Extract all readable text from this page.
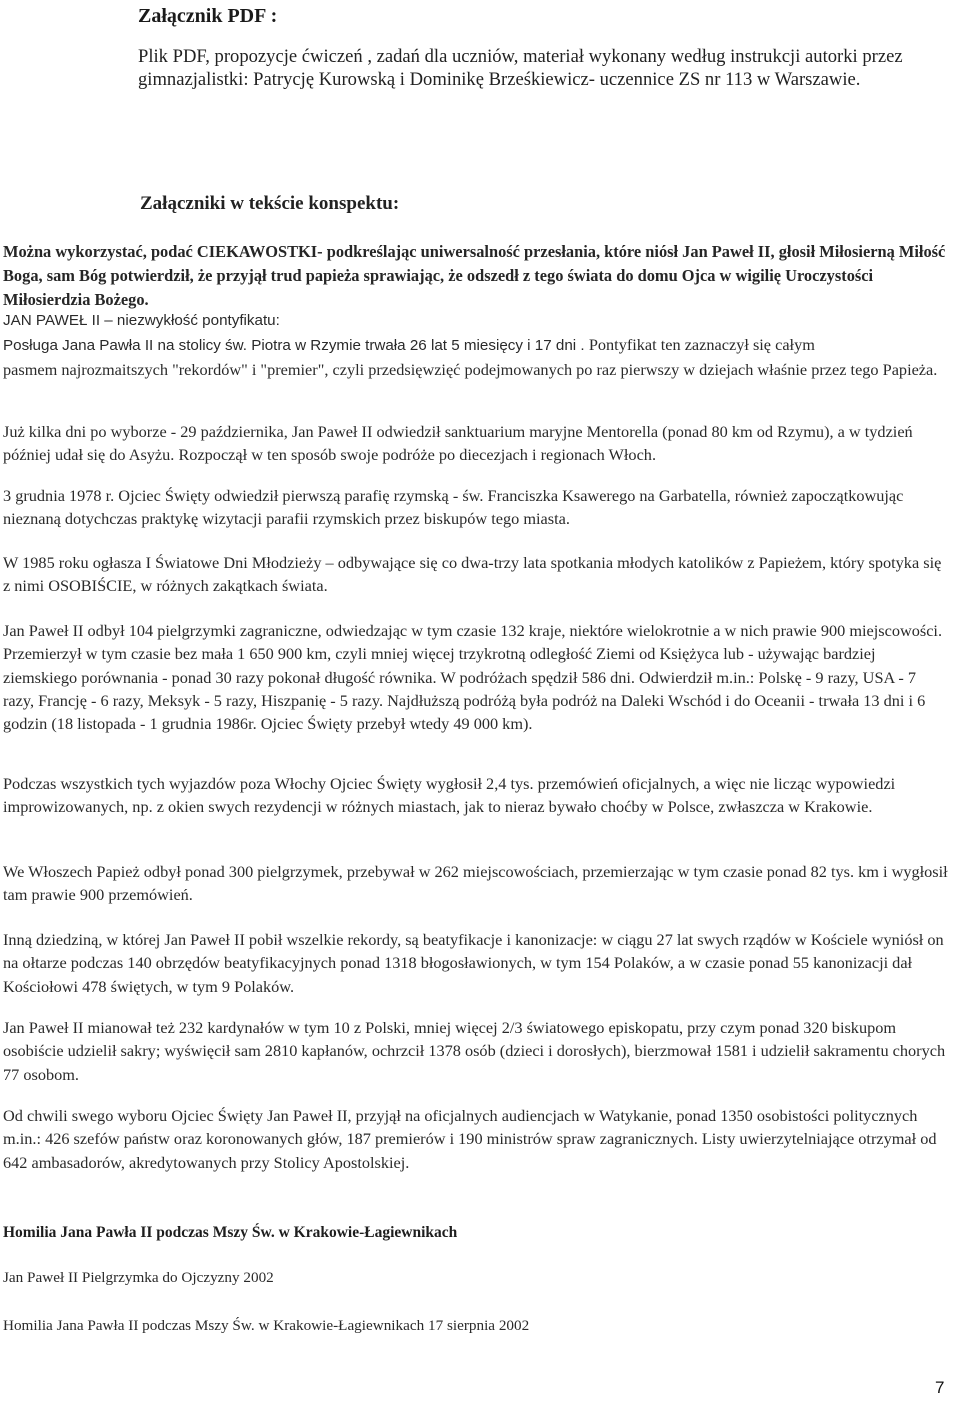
Załącznik PDF :
Plik PDF, propozycje ćwiczeń , zadań dla uczniów, materiał wykonany według instrukcji autorki przez gimnazjalistki: Patrycję Kurowską i Dominikę Brześkiewicz- uczennice ZS nr 113 w Warszawie.
Załączniki w tekście konspektu:
Można wykorzystać, podać CIEKAWOSTKI- podkreślając uniwersalność przesłania, które niósł Jan Paweł II, głosił Miłosierną Miłość Boga, sam Bóg potwierdził, że przyjął trud papieża sprawiając, że odszedł z tego świata do domu Ojca w wigilię Uroczystości Miłosierdzia Bożego.
JAN PAWEŁ II – niezwykłość pontyfikatu:
Posługa Jana Pawła II na stolicy św. Piotra w Rzymie trwała 26 lat 5 miesięcy i 17 dni . Pontyfikat ten zaznaczył się całym
pasmem najrozmaitszych "rekordów" i "premier", czyli przedsięwzięć podejmowanych po raz pierwszy w dziejach właśnie przez tego Papieża.
Już kilka dni po wyborze - 29 października, Jan Paweł II odwiedził sanktuarium maryjne Mentorella (ponad 80 km od Rzymu), a w tydzień później udał się do Asyżu. Rozpoczął w ten sposób swoje podróże po diecezjach i regionach Włoch.
3 grudnia 1978 r. Ojciec Święty odwiedził pierwszą parafię rzymską - św. Franciszka Ksawerego na Garbatella, również zapoczątkowując nieznaną dotychczas praktykę wizytacji parafii rzymskich przez biskupów tego miasta.
W 1985 roku ogłasza I Światowe Dni Młodzieży – odbywające się co dwa-trzy lata spotkania młodych katolików z Papieżem, który spotyka się z nimi OSOBIŚCIE, w różnych zakątkach świata.
Jan Paweł II odbył 104 pielgrzymki zagraniczne, odwiedzając w tym czasie 132 kraje, niektóre wielokrotnie a w nich prawie 900 miejscowości. Przemierzył w tym czasie bez mała 1 650 900 km, czyli mniej więcej trzykrotną odległość Ziemi od Księżyca lub - używając bardziej ziemskiego porównania - ponad 30 razy pokonał długość równika. W podróżach spędził 586 dni. Odwierdził m.in.: Polskę - 9 razy, USA - 7 razy, Francję - 6 razy, Meksyk - 5 razy, Hiszpanię - 5 razy. Najdłuższą podróżą była podróż na Daleki Wschód i do Oceanii - trwała 13 dni i 6 godzin (18 listopada - 1 grudnia 1986r. Ojciec Święty przebył wtedy 49 000 km).
Podczas wszystkich tych wyjazdów poza Włochy Ojciec Święty wygłosił 2,4 tys. przemówień oficjalnych, a więc nie licząc wypowiedzi improwizowanych, np. z okien swych rezydencji w różnych miastach, jak to nieraz bywało choćby w Polsce, zwłaszcza w Krakowie.
We Włoszech Papież odbył ponad 300 pielgrzymek, przebywał w 262 miejscowościach, przemierzając w tym czasie ponad 82 tys. km i wygłosił tam prawie 900 przemówień.
Inną dziedziną, w której Jan Paweł II pobił wszelkie rekordy, są beatyfikacje i kanonizacje: w ciągu 27 lat swych rządów w Kościele wyniósł on na ołtarze podczas 140 obrzędów beatyfikacyjnych ponad 1318 błogosławionych, w tym 154 Polaków, a w czasie ponad 55 kanonizacji dał Kościołowi 478 świętych, w tym 9 Polaków.
Jan Paweł II mianował też 232 kardynałów w tym 10 z Polski, mniej więcej 2/3 światowego episkopatu, przy czym ponad 320 biskupom osobiście udzielił sakry; wyświęcił sam 2810 kapłanów, ochrzcił 1378 osób (dzieci i dorosłych), bierzmował 1581 i udzielił sakramentu chorych 77 osobom.
Od chwili swego wyboru Ojciec Święty Jan Paweł II, przyjął na oficjalnych audiencjach w Watykanie, ponad 1350 osobistości politycznych m.in.: 426 szefów państw oraz koronowanych głów, 187 premierów i 190 ministrów spraw zagranicznych. Listy uwierzytelniające otrzymał od 642 ambasadorów, akredytowanych przy Stolicy Apostolskiej.
Homilia Jana Pawła II podczas Mszy Św. w Krakowie-Łagiewnikach
Jan Paweł II Pielgrzymka do Ojczyzny 2002
Homilia Jana Pawła II podczas Mszy Św. w Krakowie-Łagiewnikach 17 sierpnia 2002
7
